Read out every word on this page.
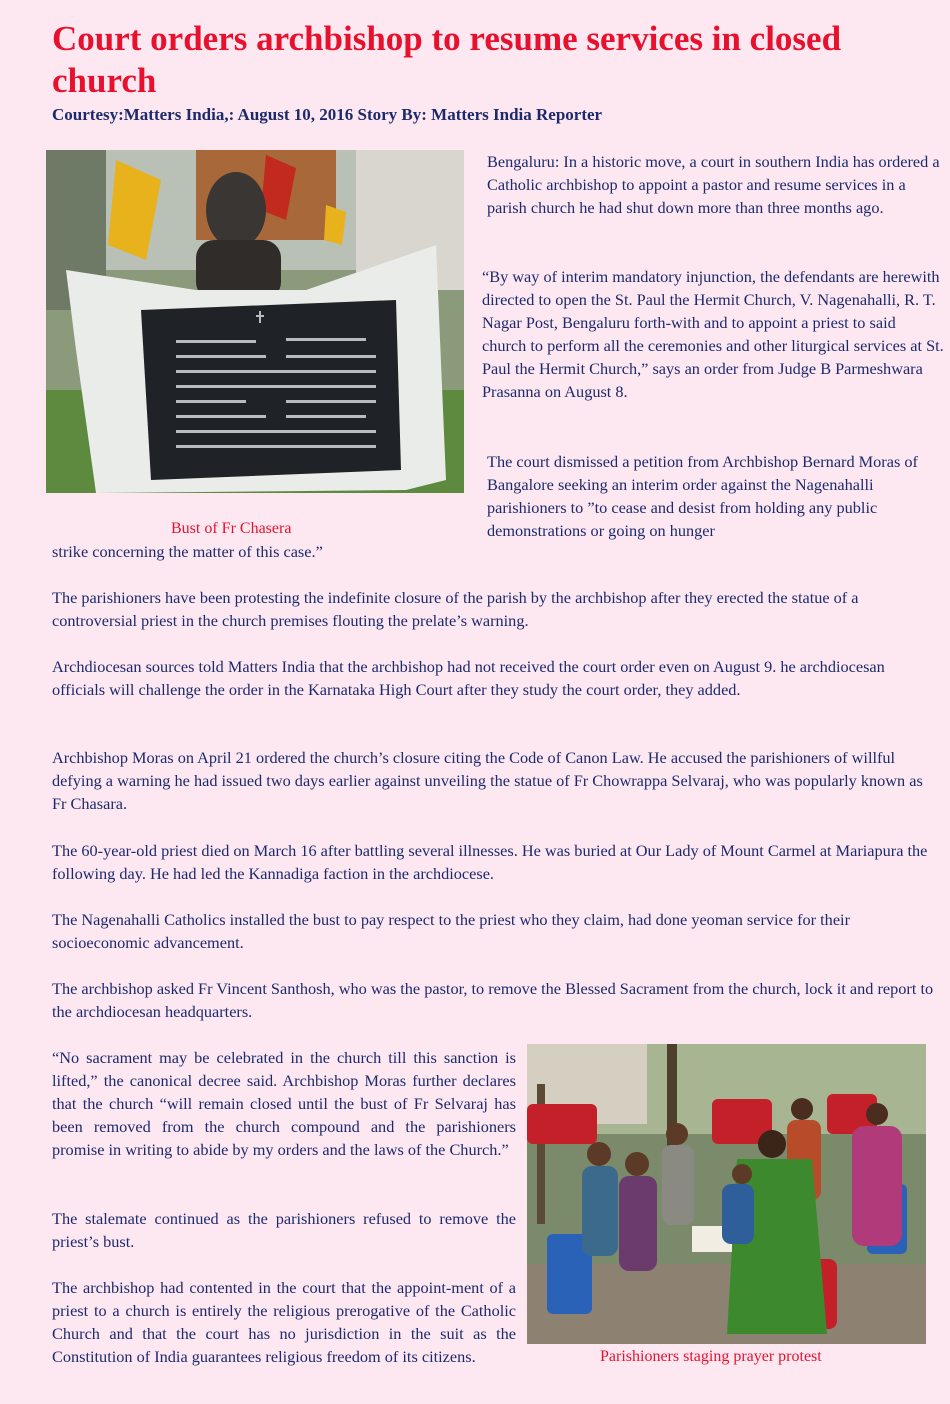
Court orders archbishop to resume services in closed church
Courtesy:Matters India,: August 10, 2016 Story By: Matters India Reporter
Bust of Fr Chasera
Parishioners staging prayer protest

Bengaluru: In a historic move, a court in southern India has ordered a Catholic archbishop to appoint a pastor and resume services in a parish church he had shut down more than three months ago.

“By way of interim mandatory injunction, the defendants are herewith directed to open the St. Paul the Hermit Church, V. Nagenahalli, R. T. Nagar Post, Bengaluru forth-with and to appoint a priest to said church to perform all the ceremonies and other liturgical services at St. Paul the Hermit Church,” says an order from Judge B Parmeshwara Prasanna on August 8.

The court dismissed a petition from Archbishop Bernard Moras of Bangalore seeking an interim order against the Nagenahalli parishioners to ”to cease and desist from holding any public demonstrations or going on hunger

strike concerning the matter of this case.”

The parishioners have been protesting the indefinite closure of the parish by the archbishop after they erected the statue of a controversial priest in the church premises flouting the prelate’s warning.

Archdiocesan sources told Matters India that the archbishop had not received the court order even on August 9. he archdiocesan officials will challenge the order in the Karnataka High Court after they study the court order, they added.

Archbishop Moras on April 21 ordered the church’s closure citing the Code of Canon Law. He accused the parishioners of willful defying a warning he had issued two days earlier against unveiling the statue of Fr Chowrappa Selvaraj, who was popularly known as Fr Chasara.

The 60-year-old priest died on March 16 after battling several illnesses. He was buried at Our Lady of Mount Carmel at Mariapura the following day. He had led the Kannadiga faction in the archdiocese.

The Nagenahalli Catholics installed the bust to pay respect to the priest who they claim, had done yeoman service for their socioeconomic advancement.

The archbishop asked Fr Vincent Santhosh, who was the pastor, to remove the Blessed Sacrament from the church, lock it and report to the archdiocesan headquarters.

“No sacrament may be celebrated in the church till this sanction is lifted,” the canonical decree said. Archbishop Moras further declares that the church “will remain closed until the bust of Fr Selvaraj has been removed from the church compound and the parishioners promise in writing to abide by my orders and the laws of the Church.”

The stalemate continued as the parishioners refused to remove the priest’s bust.

The archbishop had contented in the court that the appoint-ment of a priest to a church is entirely the religious prerogative of the Catholic Church and that the court has no jurisdiction in the suit as the Constitution of India guarantees religious freedom of its citizens.
